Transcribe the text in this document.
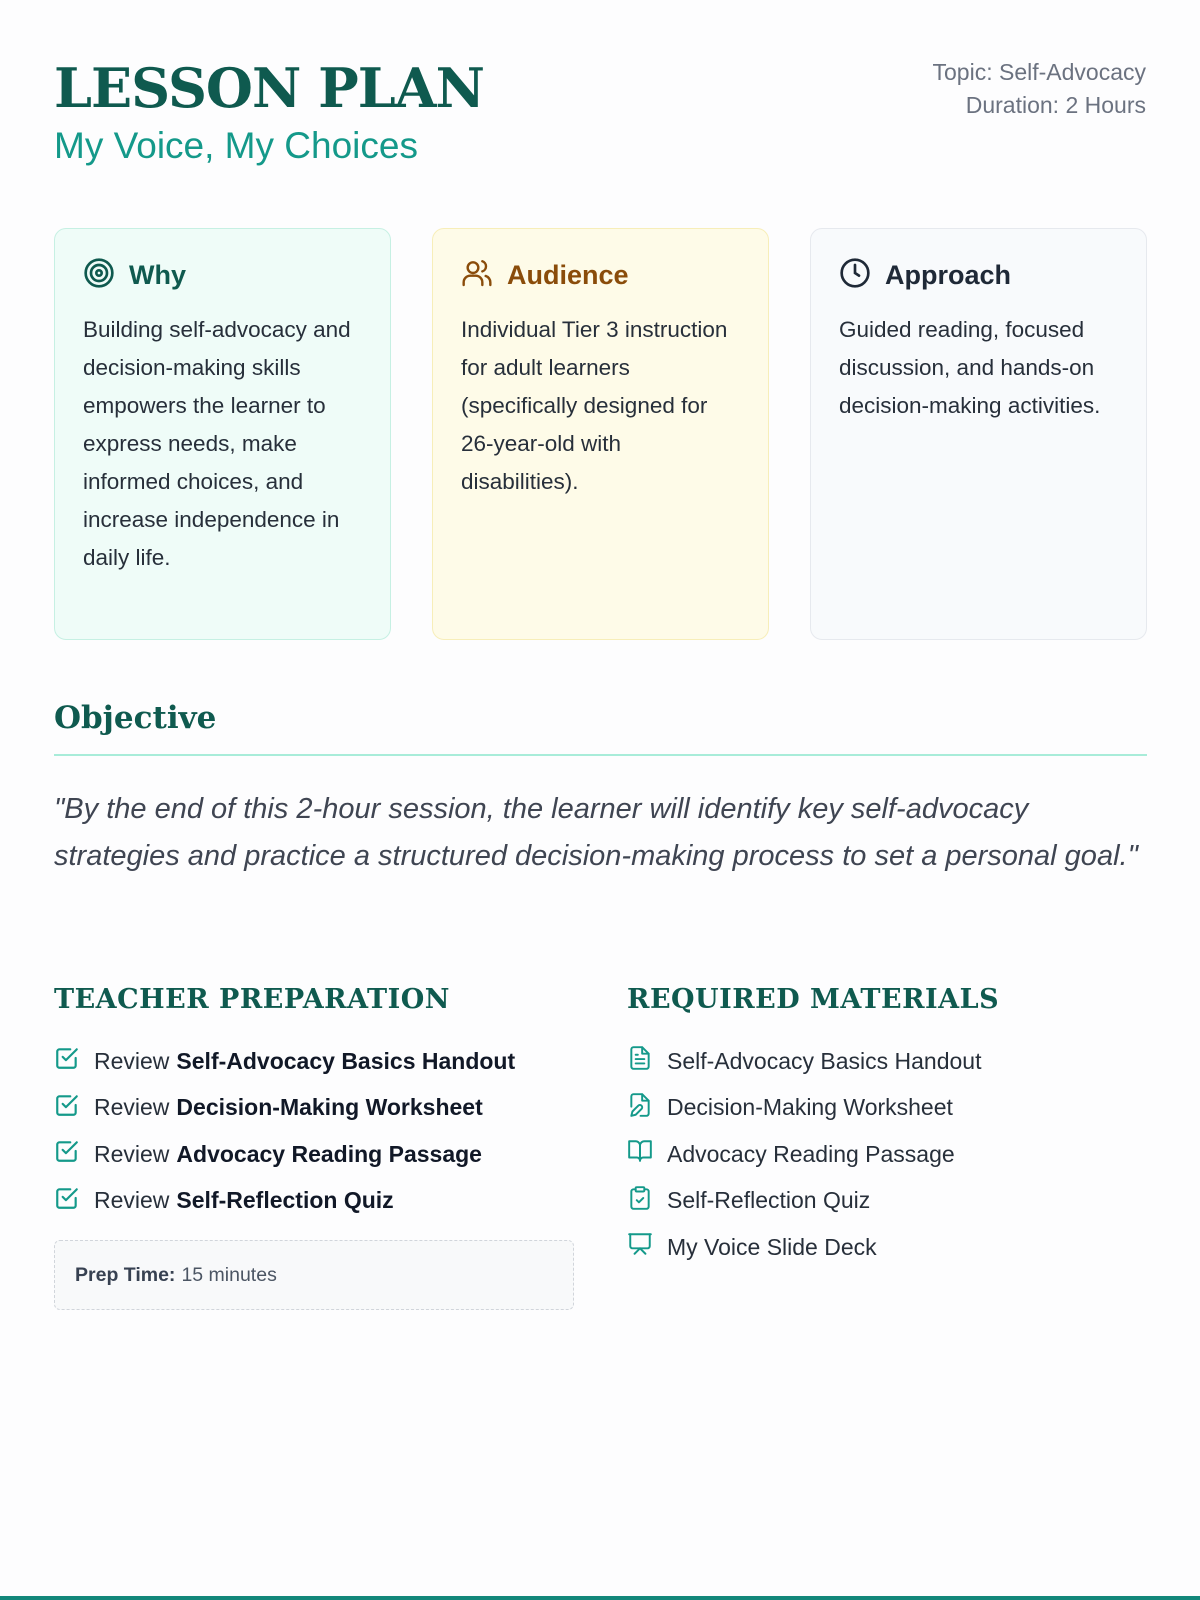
LESSON PLAN
My Voice, My Choices
Topic: Self-Advocacy
Duration: 2 Hours
Why

Building self-advocacy and decision-making skills empowers the learner to express needs, make informed choices, and increase independence in daily life.

Audience

Individual Tier 3 instruction for adult learners (specifically designed for 26-year-old with disabilities).

Approach

Guided reading, focused discussion, and hands-on decision-making activities.

Objective

"By the end of this 2-hour session, the learner will identify key self-advocacy strategies and practice a structured decision-making process to set a personal goal."

TEACHER PREPARATION
Review Self-Advocacy Basics Handout
Review Decision-Making Worksheet
Review Advocacy Reading Passage
Review Self-Reflection Quiz
Prep Time: 15 minutes
REQUIRED MATERIALS
Self-Advocacy Basics Handout
Decision-Making Worksheet
Advocacy Reading Passage
Self-Reflection Quiz
My Voice Slide Deck
